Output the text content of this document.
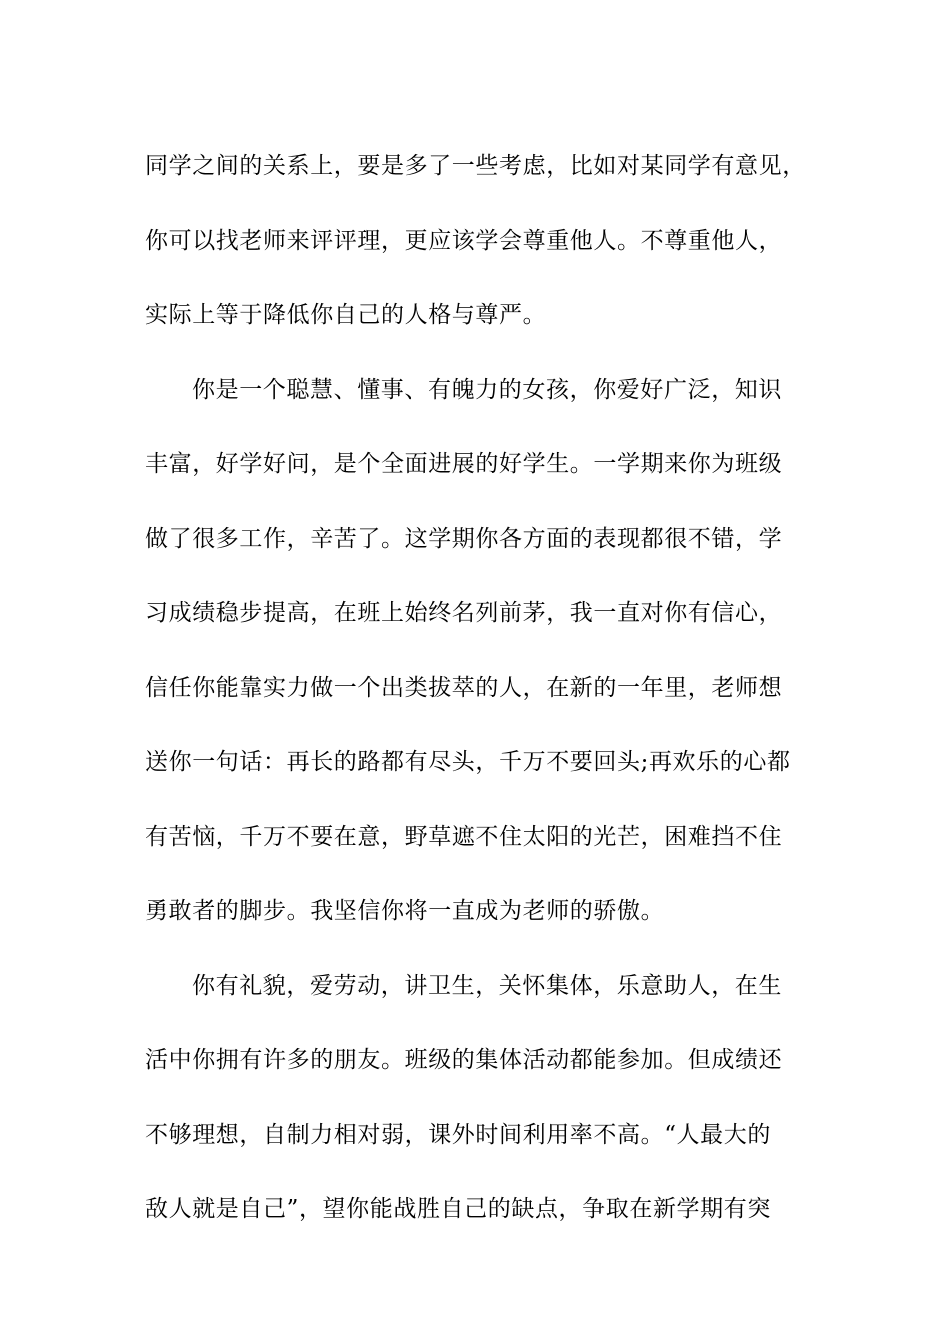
同学之间的关系上，要是多了一些考虑，比如对某同学有意见，
你可以找老师来评评理，更应该学会尊重他人。不尊重他人，
实际上等于降低你自己的人格与尊严。
你是一个聪慧、懂事、有魄力的女孩，你爱好广泛，知识
丰富，好学好问，是个全面进展的好学生。一学期来你为班级
做了很多工作，辛苦了。这学期你各方面的表现都很不错，学
习成绩稳步提高，在班上始终名列前茅，我一直对你有信心，
信任你能靠实力做一个出类拔萃的人，在新的一年里，老师想
送你一句话：再长的路都有尽头，千万不要回头;再欢乐的心都
有苦恼，千万不要在意，野草遮不住太阳的光芒，困难挡不住
勇敢者的脚步。我坚信你将一直成为老师的骄傲。
你有礼貌，爱劳动，讲卫生，关怀集体，乐意助人，在生
活中你拥有许多的朋友。班级的集体活动都能参加。但成绩还
不够理想，自制力相对弱，课外时间利用率不高。“人最大的
敌人就是自己”，望你能战胜自己的缺点，争取在新学期有突
